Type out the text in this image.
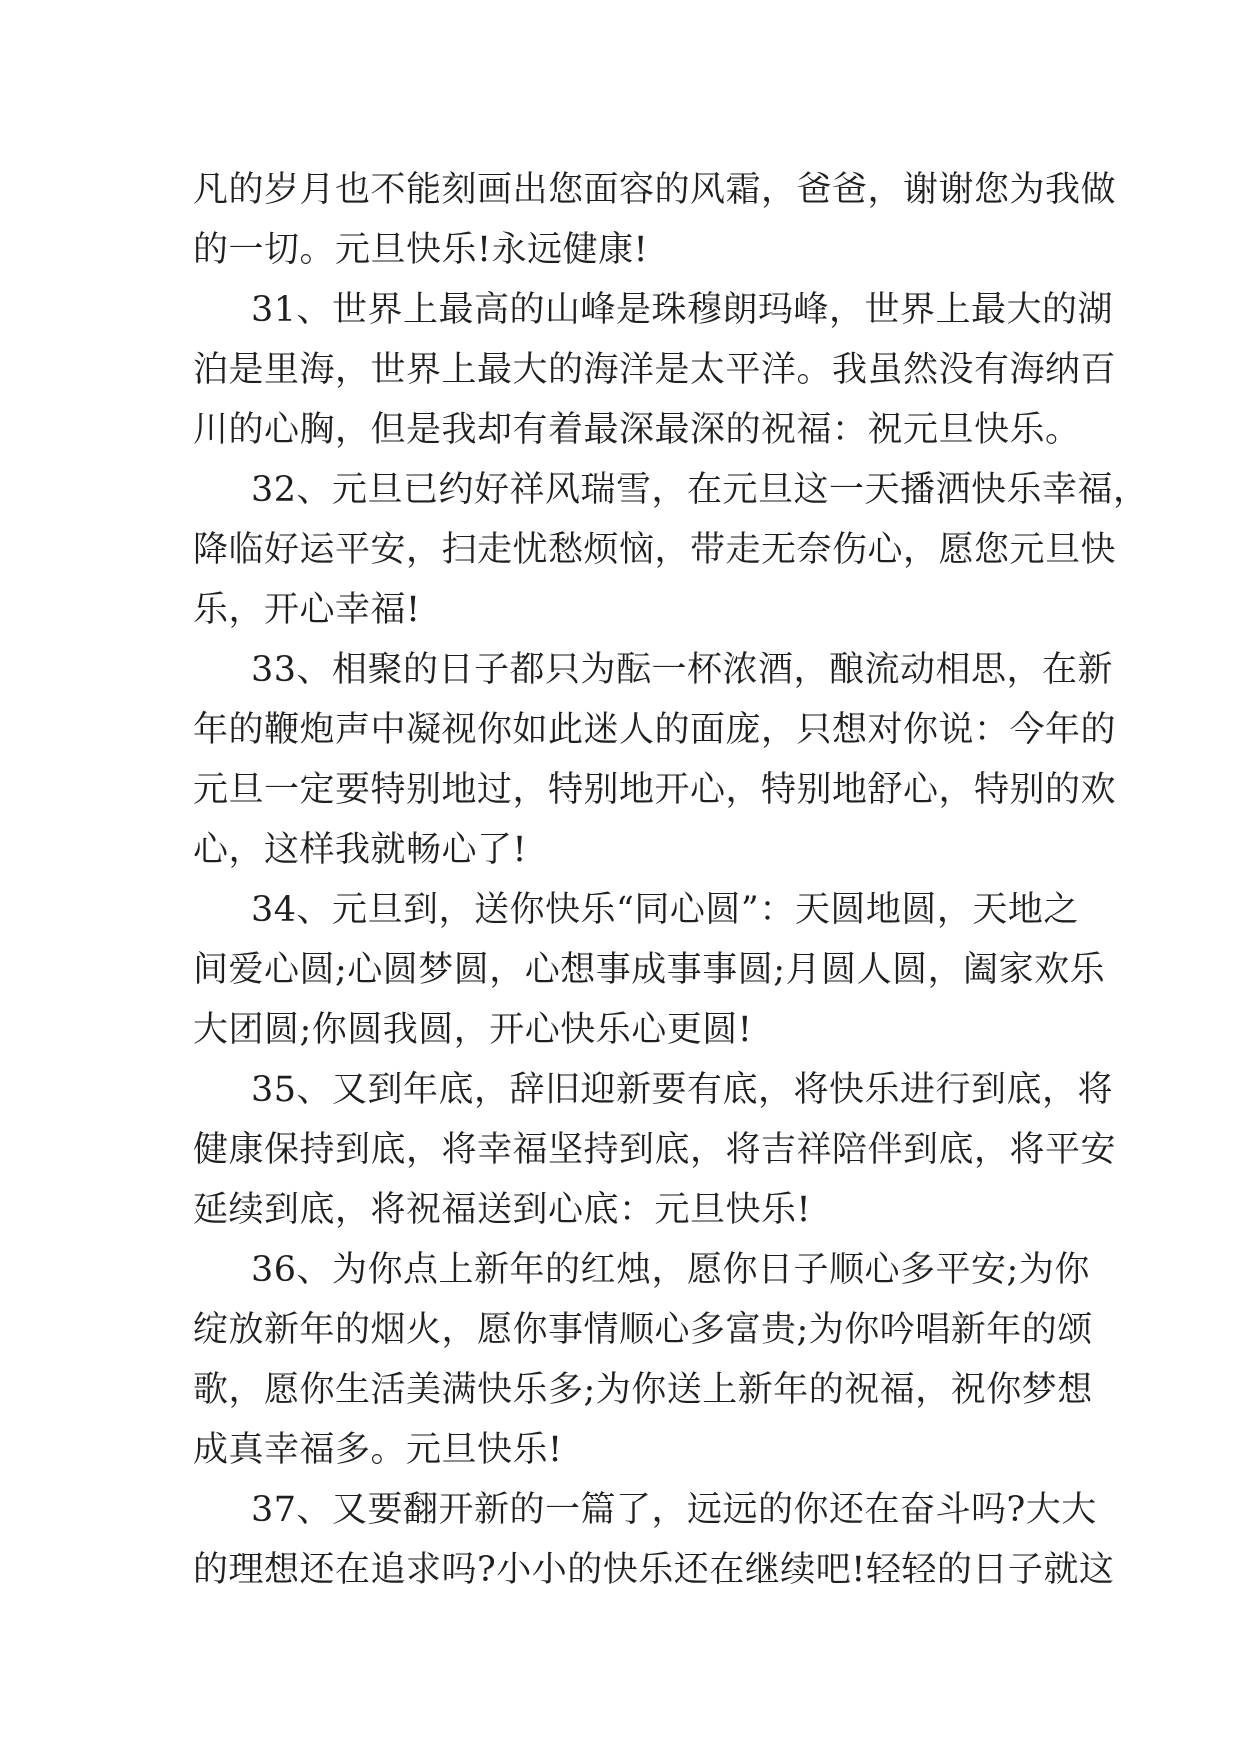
凡的岁月也不能刻画出您面容的风霜，爸爸，谢谢您为我做
的一切。元旦快乐!永远健康!
31、世界上最高的山峰是珠穆朗玛峰，世界上最大的湖
泊是里海，世界上最大的海洋是太平洋。我虽然没有海纳百
川的心胸，但是我却有着最深最深的祝福：祝元旦快乐。
32、元旦已约好祥风瑞雪，在元旦这一天播洒快乐幸福，
降临好运平安，扫走忧愁烦恼，带走无奈伤心，愿您元旦快
乐，开心幸福!
33、相聚的日子都只为酝一杯浓酒，酿流动相思，在新
年的鞭炮声中凝视你如此迷人的面庞，只想对你说：今年的
元旦一定要特别地过，特别地开心，特别地舒心，特别的欢
心，这样我就畅心了!
34、元旦到，送你快乐“同心圆”：天圆地圆，天地之
间爱心圆;心圆梦圆，心想事成事事圆;月圆人圆，阖家欢乐
大团圆;你圆我圆，开心快乐心更圆!
35、又到年底，辞旧迎新要有底，将快乐进行到底，将
健康保持到底，将幸福坚持到底，将吉祥陪伴到底，将平安
延续到底，将祝福送到心底：元旦快乐!
36、为你点上新年的红烛，愿你日子顺心多平安;为你
绽放新年的烟火，愿你事情顺心多富贵;为你吟唱新年的颂
歌，愿你生活美满快乐多;为你送上新年的祝福，祝你梦想
成真幸福多。元旦快乐!
37、又要翻开新的一篇了，远远的你还在奋斗吗?大大
的理想还在追求吗?小小的快乐还在继续吧!轻轻的日子就这
